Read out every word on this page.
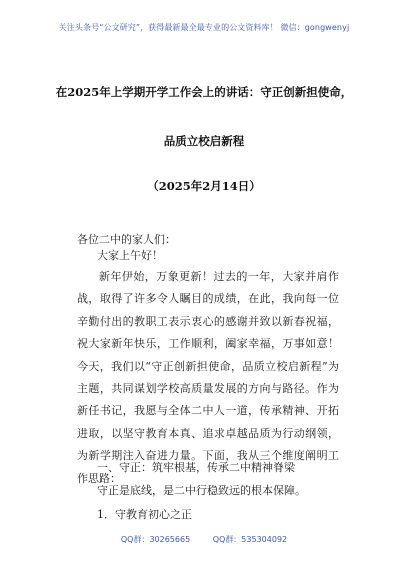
关注头条号“公文研究”，获得最新最全最专业的公文资料库！ 微信：gongwenyj
在2025年上学期开学工作会上的讲话：守正创新担使命，
品质立校启新程
（2025年2月14日）
各位二中的家人们：
大家上午好！
新年伊始，万象更新！过去的一年，大家并肩作战，取得了许多令人瞩目的成绩，在此，我向每一位辛勤付出的教职工表示衷心的感谢并致以新春祝福，祝大家新年快乐，工作顺利，阖家幸福，万事如意！今天，我们以“守正创新担使命，品质立校启新程”为主题，共同谋划学校高质量发展的方向与路径。作为新任书记，我愿与全体二中人一道，传承精神、开拓进取，以坚守教育本真、追求卓越品质为行动纲领，为新学期注入奋进力量。下面，我从三个维度阐明工作思路：
一、守正：筑牢根基，传承二中精神脊梁
守正是底线，是二中行稳致远的根本保障。
1．守教育初心之正
QQ群：30265665	QQ群：535304092
